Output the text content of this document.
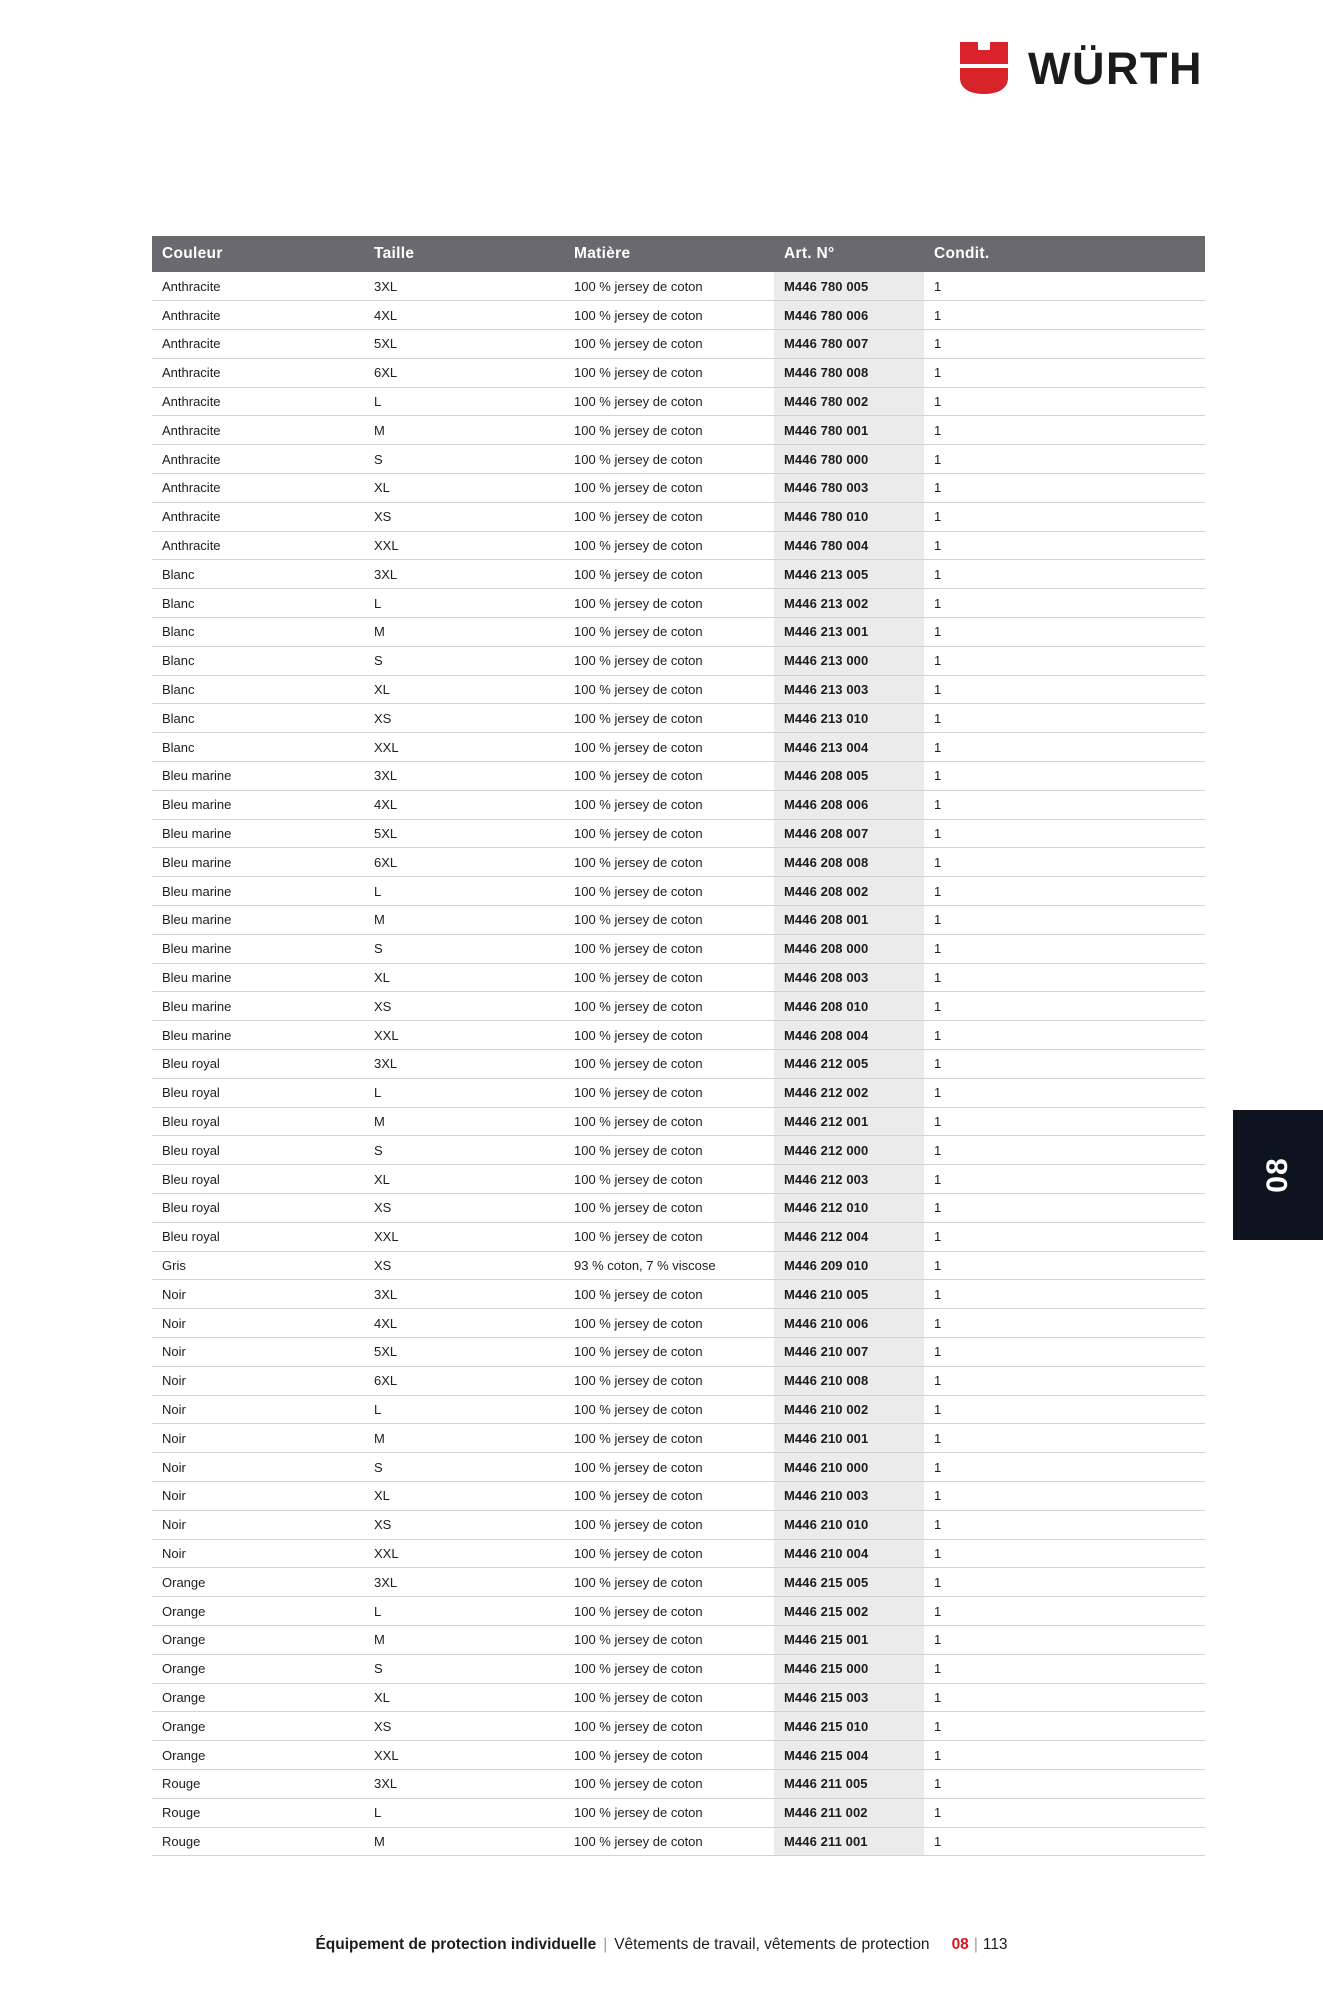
WÜRTH
Couleur	Taille	Matière	Art. N°	Condit.
Anthracite	3XL	100 % jersey de coton	M446 780 005	1
Anthracite	4XL	100 % jersey de coton	M446 780 006	1
Anthracite	5XL	100 % jersey de coton	M446 780 007	1
Anthracite	6XL	100 % jersey de coton	M446 780 008	1
Anthracite	L	100 % jersey de coton	M446 780 002	1
Anthracite	M	100 % jersey de coton	M446 780 001	1
Anthracite	S	100 % jersey de coton	M446 780 000	1
Anthracite	XL	100 % jersey de coton	M446 780 003	1
Anthracite	XS	100 % jersey de coton	M446 780 010	1
Anthracite	XXL	100 % jersey de coton	M446 780 004	1
Blanc	3XL	100 % jersey de coton	M446 213 005	1
Blanc	L	100 % jersey de coton	M446 213 002	1
Blanc	M	100 % jersey de coton	M446 213 001	1
Blanc	S	100 % jersey de coton	M446 213 000	1
Blanc	XL	100 % jersey de coton	M446 213 003	1
Blanc	XS	100 % jersey de coton	M446 213 010	1
Blanc	XXL	100 % jersey de coton	M446 213 004	1
Bleu marine	3XL	100 % jersey de coton	M446 208 005	1
Bleu marine	4XL	100 % jersey de coton	M446 208 006	1
Bleu marine	5XL	100 % jersey de coton	M446 208 007	1
Bleu marine	6XL	100 % jersey de coton	M446 208 008	1
Bleu marine	L	100 % jersey de coton	M446 208 002	1
Bleu marine	M	100 % jersey de coton	M446 208 001	1
Bleu marine	S	100 % jersey de coton	M446 208 000	1
Bleu marine	XL	100 % jersey de coton	M446 208 003	1
Bleu marine	XS	100 % jersey de coton	M446 208 010	1
Bleu marine	XXL	100 % jersey de coton	M446 208 004	1
Bleu royal	3XL	100 % jersey de coton	M446 212 005	1
Bleu royal	L	100 % jersey de coton	M446 212 002	1
Bleu royal	M	100 % jersey de coton	M446 212 001	1
Bleu royal	S	100 % jersey de coton	M446 212 000	1
Bleu royal	XL	100 % jersey de coton	M446 212 003	1
Bleu royal	XS	100 % jersey de coton	M446 212 010	1
Bleu royal	XXL	100 % jersey de coton	M446 212 004	1
Gris	XS	93 % coton, 7 % viscose	M446 209 010	1
Noir	3XL	100 % jersey de coton	M446 210 005	1
Noir	4XL	100 % jersey de coton	M446 210 006	1
Noir	5XL	100 % jersey de coton	M446 210 007	1
Noir	6XL	100 % jersey de coton	M446 210 008	1
Noir	L	100 % jersey de coton	M446 210 002	1
Noir	M	100 % jersey de coton	M446 210 001	1
Noir	S	100 % jersey de coton	M446 210 000	1
Noir	XL	100 % jersey de coton	M446 210 003	1
Noir	XS	100 % jersey de coton	M446 210 010	1
Noir	XXL	100 % jersey de coton	M446 210 004	1
Orange	3XL	100 % jersey de coton	M446 215 005	1
Orange	L	100 % jersey de coton	M446 215 002	1
Orange	M	100 % jersey de coton	M446 215 001	1
Orange	S	100 % jersey de coton	M446 215 000	1
Orange	XL	100 % jersey de coton	M446 215 003	1
Orange	XS	100 % jersey de coton	M446 215 010	1
Orange	XXL	100 % jersey de coton	M446 215 004	1
Rouge	3XL	100 % jersey de coton	M446 211 005	1
Rouge	L	100 % jersey de coton	M446 211 002	1
Rouge	M	100 % jersey de coton	M446 211 001	1
08
Équipement de protection individuelle | Vêtements de travail, vêtements de protection 08 | 113
